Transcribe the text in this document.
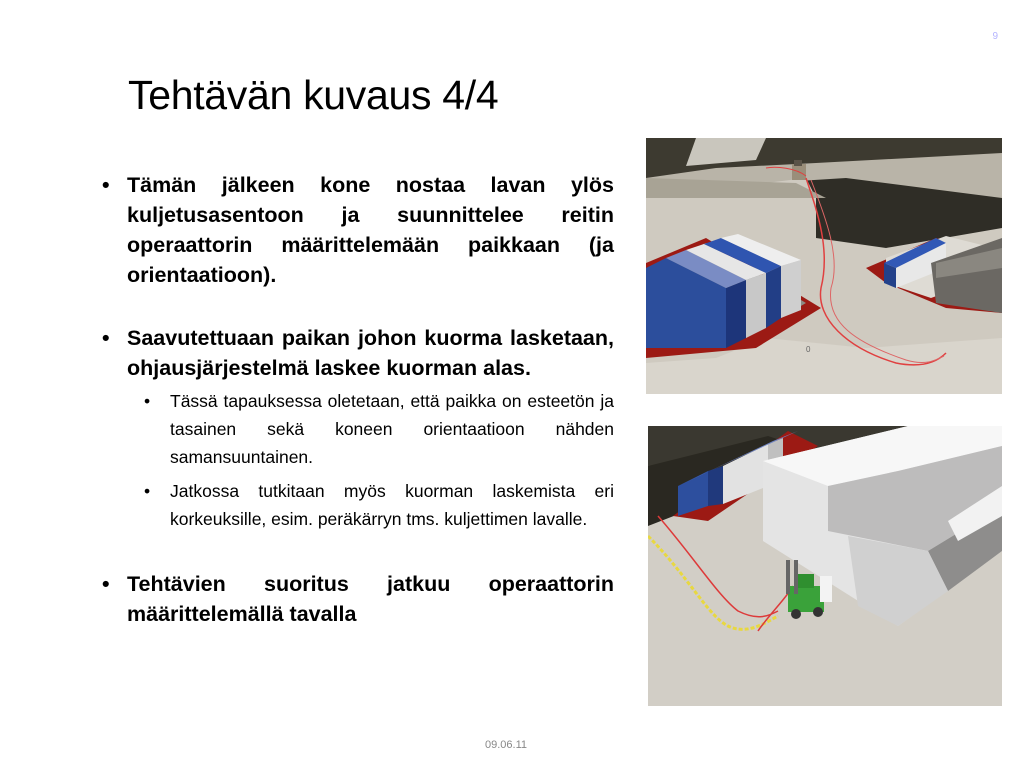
9
Tehtävän kuvaus 4/4
• Tämän jälkeen kone nostaa lavan ylös kuljetusasentoon ja suunnittelee reitin operaattorin määrittelemään paikkaan (ja orientaatioon).
• Saavutettuaan paikan johon kuorma lasketaan, ohjausjärjestelmä laskee kuorman alas.
• Tässä tapauksessa oletetaan, että paikka on esteetön ja tasainen sekä koneen orientaatioon nähden samansuuntainen.
• Jatkossa tutkitaan myös kuorman laskemista eri korkeuksille, esim. peräkärryn tms. kuljettimen lavalle.
• Tehtävien suoritus jatkuu operaattorin määrittelemällä tavalla
0
09.06.11
